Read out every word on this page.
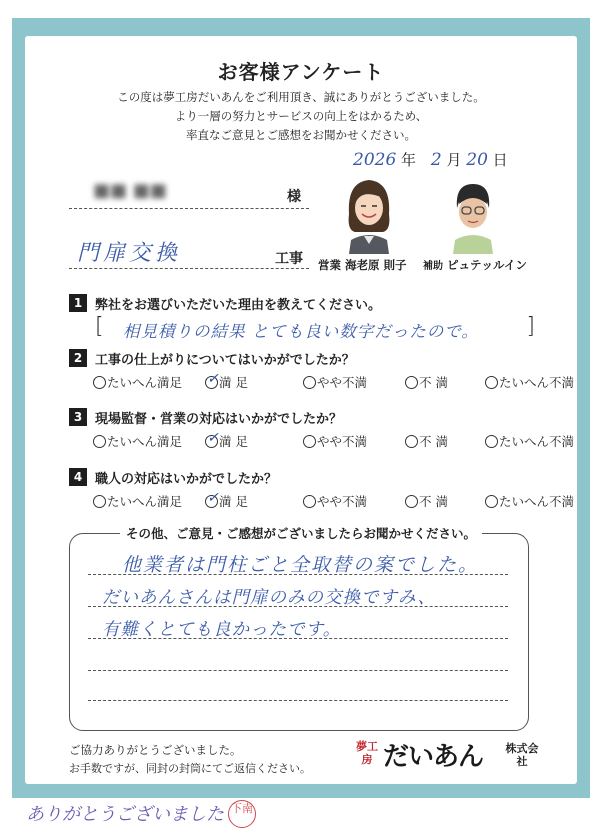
お客様アンケート
この度は夢工房だいあんをご利用頂き、誠にありがとうございました。
より一層の努力とサービスの向上をはかるため、
率直なご意見とご感想をお聞かせください。
2026 年 2 月 20 日
■■ ■■	様
門扉交換	工事 営業 海老原 則子 補助 ピュテッルイン
1 弊社をお選びいただいた理由を教えてください。
[ 相見積りの結果 とても良い数字だったので。 ]
2 工事の仕上がりについてはいかがでしたか？
たいへん満足	✓ 満 足	やや不満	不 満	たいへん不満
3 現場監督・営業の対応はいかがでしたか？
たいへん満足	✓ 満 足	やや不満	不 満	たいへん不満
4 職人の対応はいかがでしたか？
たいへん満足	✓ 満 足	やや不満	不 満	たいへん不満
その他、ご意見・ご感想がございましたらお聞かせください。
他業者は門柱ごと全取替の案でした。
だいあんさんは門扉のみの交換ですみ、
有難くとても良かったです。
ご協力ありがとうございました。
お手数ですが、同封の封筒にてご返信ください。
夢工房 だいあん 株式会社
ありがとうございました 下南
